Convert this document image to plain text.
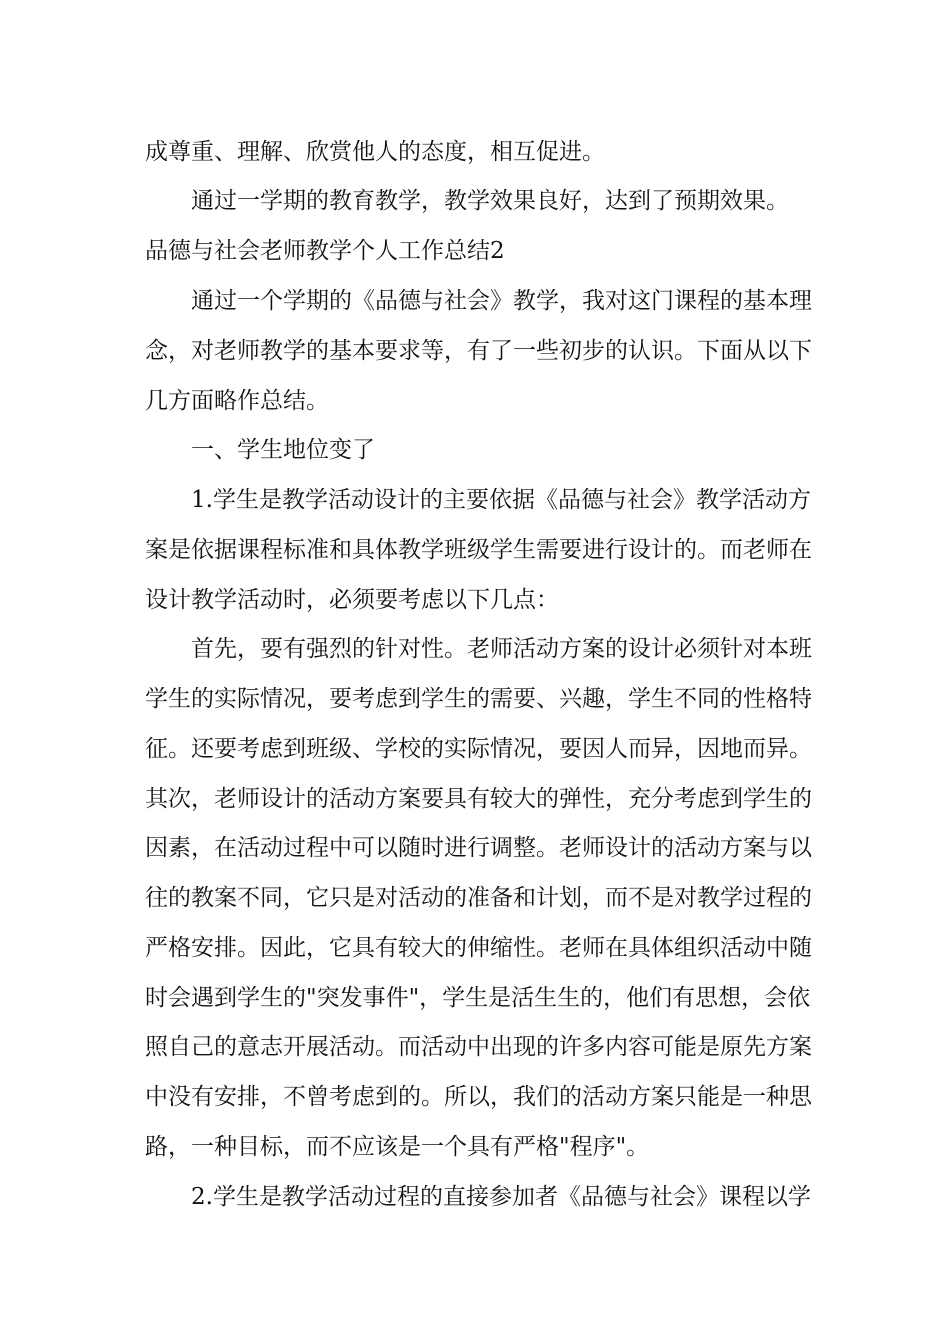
成尊重、理解、欣赏他人的态度，相互促进。
　　通过一学期的教育教学，教学效果良好，达到了预期效果。
品德与社会老师教学个人工作总结2
　　通过一个学期的《品德与社会》教学，我对这门课程的基本理
念，对老师教学的基本要求等，有了一些初步的认识。下面从以下
几方面略作总结。
　　一、学生地位变了
　　1.学生是教学活动设计的主要依据《品德与社会》教学活动方
案是依据课程标准和具体教学班级学生需要进行设计的。而老师在
设计教学活动时，必须要考虑以下几点：
　　首先，要有强烈的针对性。老师活动方案的设计必须针对本班
学生的实际情况，要考虑到学生的需要、兴趣，学生不同的性格特
征。还要考虑到班级、学校的实际情况，要因人而异，因地而异。
其次，老师设计的活动方案要具有较大的弹性，充分考虑到学生的
因素，在活动过程中可以随时进行调整。老师设计的活动方案与以
往的教案不同，它只是对活动的准备和计划，而不是对教学过程的
严格安排。因此，它具有较大的伸缩性。老师在具体组织活动中随
时会遇到学生的"突发事件"，学生是活生生的，他们有思想，会依
照自己的意志开展活动。而活动中出现的许多内容可能是原先方案
中没有安排，不曾考虑到的。所以，我们的活动方案只能是一种思
路，一种目标，而不应该是一个具有严格"程序"。
　　2.学生是教学活动过程的直接参加者《品德与社会》课程以学
